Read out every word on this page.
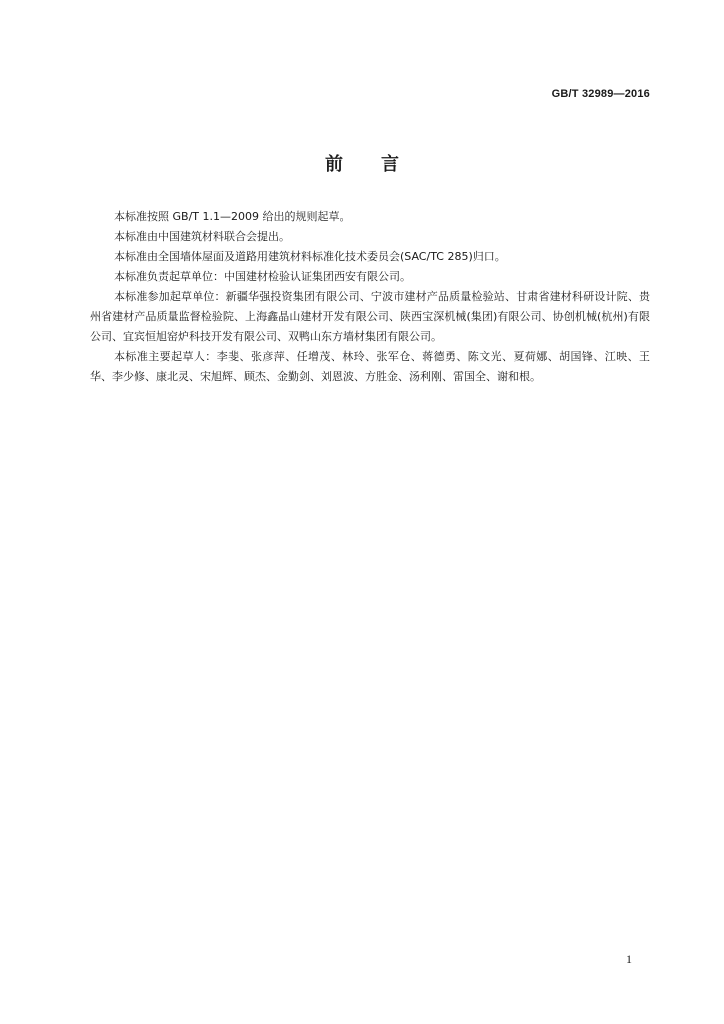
GB/T 32989—2016
前 言

本标准按照 GB/T 1.1—2009 给出的规则起草。

本标准由中国建筑材料联合会提出。

本标准由全国墙体屋面及道路用建筑材料标准化技术委员会(SAC/TC 285)归口。

本标准负责起草单位：中国建材检验认证集团西安有限公司。

本标准参加起草单位：新疆华强投资集团有限公司、宁波市建材产品质量检验站、甘肃省建材科研设计院、贵州省建材产品质量监督检验院、上海鑫晶山建材开发有限公司、陕西宝深机械(集团)有限公司、协创机械(杭州)有限公司、宜宾恒旭窑炉科技开发有限公司、双鸭山东方墙材集团有限公司。

本标准主要起草人：李斐、张彦萍、任增茂、林玲、张军仓、蒋德勇、陈文光、夏荷娜、胡国锋、江映、王华、李少修、康北灵、宋旭辉、顾杰、金勤剑、刘恩波、方胜金、汤利刚、雷国全、谢和根。

1
